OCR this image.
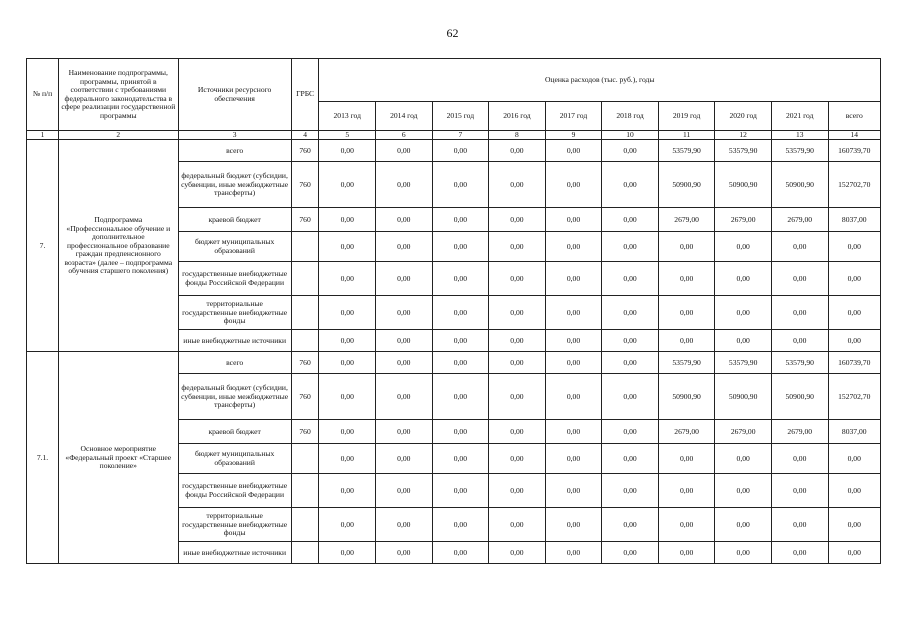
62
№ п/п	Наименование подпрограммы, программы, принятой в соответствии с требованиями федерального законодательства в сфере реализации государственной программы	Источники ресурсного обеспечения	ГРБС	Оценка расходов (тыс. руб.), годы									
				2013 год	2014 год	2015 год	2016 год	2017 год	2018 год	2019 год	2020 год	2021 год	всего
1	2	3	4	5	6	7	8	9	10	11	12	13	14
7.	Подпрограмма «Профессиональное обучение и дополнительное профессиональное образование граждан предпенсионного возраста» (далее – подпрограмма обучения старшего поколения)	всего	760	0,00	0,00	0,00	0,00	0,00	0,00	53579,90	53579,90	53579,90	160739,70
		федеральный бюджет (субсидии, субвенции, иные межбюджетные трансферты)	760	0,00	0,00	0,00	0,00	0,00	0,00	50900,90	50900,90	50900,90	152702,70
		краевой бюджет	760	0,00	0,00	0,00	0,00	0,00	0,00	2679,00	2679,00	2679,00	8037,00
		бюджет муниципальных образований		0,00	0,00	0,00	0,00	0,00	0,00	0,00	0,00	0,00	0,00
		государственные внебюджетные фонды Российской Федерации		0,00	0,00	0,00	0,00	0,00	0,00	0,00	0,00	0,00	0,00
		территориальные государственные внебюджетные фонды		0,00	0,00	0,00	0,00	0,00	0,00	0,00	0,00	0,00	0,00
		иные внебюджетные источники		0,00	0,00	0,00	0,00	0,00	0,00	0,00	0,00	0,00	0,00
7.1.	Основное мероприятие «Федеральный проект «Старшее поколение»	всего	760	0,00	0,00	0,00	0,00	0,00	0,00	53579,90	53579,90	53579,90	160739,70
		федеральный бюджет (субсидии, субвенции, иные межбюджетные трансферты)	760	0,00	0,00	0,00	0,00	0,00	0,00	50900,90	50900,90	50900,90	152702,70
		краевой бюджет	760	0,00	0,00	0,00	0,00	0,00	0,00	2679,00	2679,00	2679,00	8037,00
		бюджет муниципальных образований		0,00	0,00	0,00	0,00	0,00	0,00	0,00	0,00	0,00	0,00
		государственные внебюджетные фонды Российской Федерации		0,00	0,00	0,00	0,00	0,00	0,00	0,00	0,00	0,00	0,00
		территориальные государственные внебюджетные фонды		0,00	0,00	0,00	0,00	0,00	0,00	0,00	0,00	0,00	0,00
		иные внебюджетные источники		0,00	0,00	0,00	0,00	0,00	0,00	0,00	0,00	0,00	0,00
